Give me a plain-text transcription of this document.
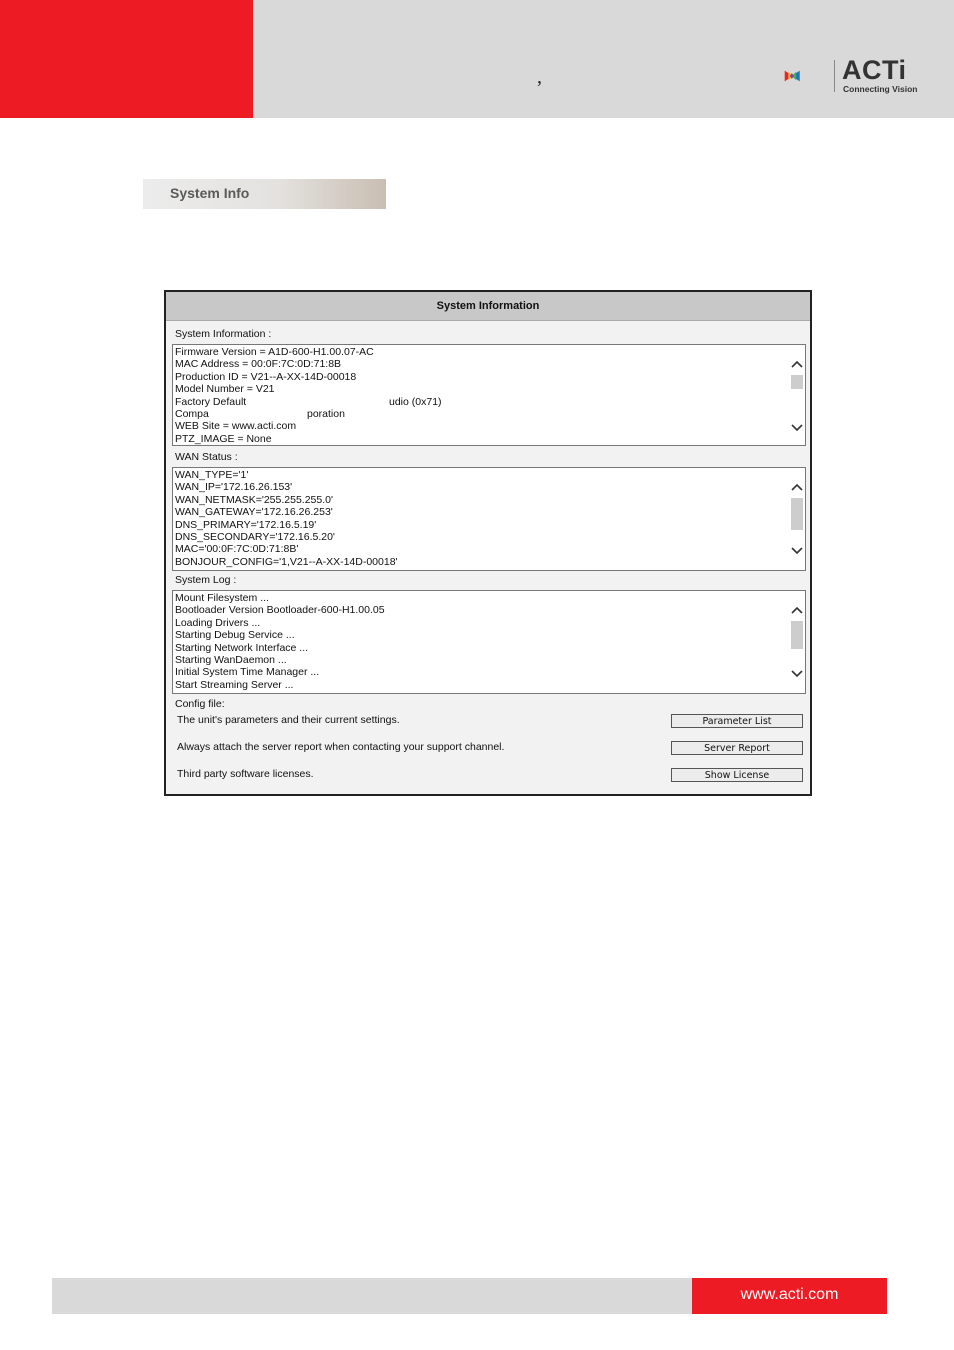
,	ACTi
Connecting Vision
System Info
System Information
System Information :
Firmware Version = A1D-600-H1.00.07-AC
MAC Address = 00:0F:7C:0D:71:8B
Production ID = V21--A-XX-14D-00018
Model Number = V21
Factory Default	udio (0x71)
Compa	poration
WEB Site = www.acti.com
PTZ_IMAGE = None
WAN Status :
WAN_TYPE='1'
WAN_IP='172.16.26.153'
WAN_NETMASK='255.255.255.0'
WAN_GATEWAY='172.16.26.253'
DNS_PRIMARY='172.16.5.19'
DNS_SECONDARY='172.16.5.20'
MAC='00:0F:7C:0D:71:8B'
BONJOUR_CONFIG='1,V21--A-XX-14D-00018'
System Log :
Mount Filesystem ...
Bootloader Version Bootloader-600-H1.00.05
Loading Drivers ...
Starting Debug Service ...
Starting Network Interface ...
Starting WanDaemon ...
Initial System Time Manager ...
Start Streaming Server ...
Config file:
The unit's parameters and their current settings.	Parameter List
Always attach the server report when contacting your support channel.	Server Report
Third party software licenses.	Show License
www.acti.com
